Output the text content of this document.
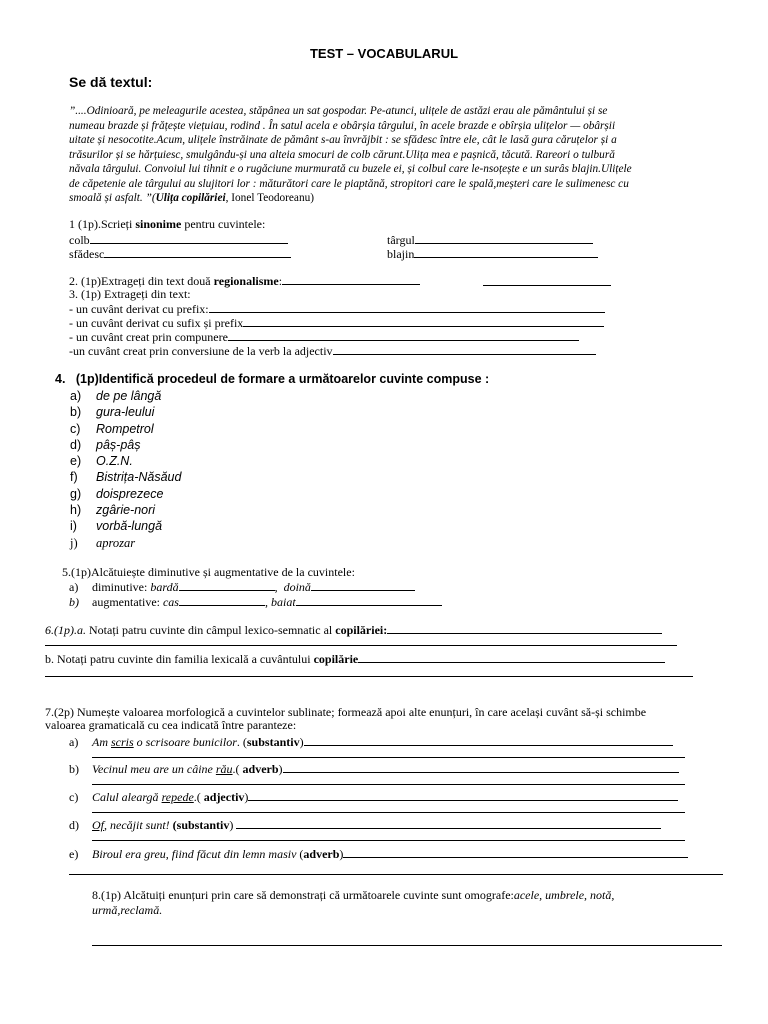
TEST – VOCABULARUL
Se dă textul:
”....Odinioară, pe meleagurile acestea, stăpânea un sat gospodar. Pe-atunci, ulițele de astăzi erau ale pământului și se
numeau brazde și frățește viețuiau, rodind . În satul acela e obârșia târgului, în acele brazde e obîrșia ulițelor — obârșii
uitate și nesocotite.Acum, ulițele înstrăinate de pământ s-au învrăjbit : se sfădesc între ele, cât le lasă gura căruțelor și a
trăsurilor și se hărțuiesc, smulgându-și una alteia smocuri de colb cărunt.Ulița mea e pașnică, tăcută. Rareori o tulbură
năvala târgului. Convoiul lui tihnit e o rugăciune murmurată cu buzele ei, și colbul care le-nsoțește e un surâs blajin.Ulițele
de căpetenie ale târgului au slujitori lor : măturători care le piaptănă, stropitori care le spală,meșteri care le sulimenesc cu
smoală și asfalt. ”(Ulița copilăriei, Ionel Teodoreanu)
1 (1p).Scrieți sinonime pentru cuvintele:
colb	târgul
sfădesc	blajin
2. (1p)Extrageți din text două regionalisme:
3. (1p) Extrageți din text:
- un cuvânt derivat cu prefix:
- un cuvânt derivat cu sufix și prefix
- un cuvânt creat prin compunere
-un cuvânt creat prin conversiune de la verb la adjectiv
4. (1p)Identifică procedeul de formare a următoarelor cuvinte compuse :
a) de pe lângă
b) gura-leului
c) Rompetrol
d) pâș-pâș
e) O.Z.N.
f) Bistrița-Năsăud
g) doisprezece
h) zgârie-nori
i) vorbă-lungă
j) aprozar
5.(1p)Alcătuiește diminutive și augmentative de la cuvintele:
a) diminutive: bardă	,  doină
b) augmentative: cas	, baiat
6.(1p).a. Notați patru cuvinte din câmpul lexico-semnatic al copilăriei:
b. Notați patru cuvinte din familia lexicală a cuvântului copilărie
7.(2p) Numește valoarea morfologică a cuvintelor sublinate; formează apoi alte enunțuri, în care același cuvânt să-și schimbe
valoarea gramaticală cu cea indicată între paranteze:
a) Am scris o scrisoare bunicilor. (substantiv)
b) Vecinul meu are un câine rău.( adverb)
c) Calul aleargă repede.( adjectiv)
d) Of, necăjit sunt! (substantiv)
e) Biroul era greu, fiind făcut din lemn masiv (adverb)
8.(1p) Alcătuiți enunțuri prin care să demonstrați că următoarele cuvinte sunt omografe:acele, umbrele, notă,
urmă,reclamă.
